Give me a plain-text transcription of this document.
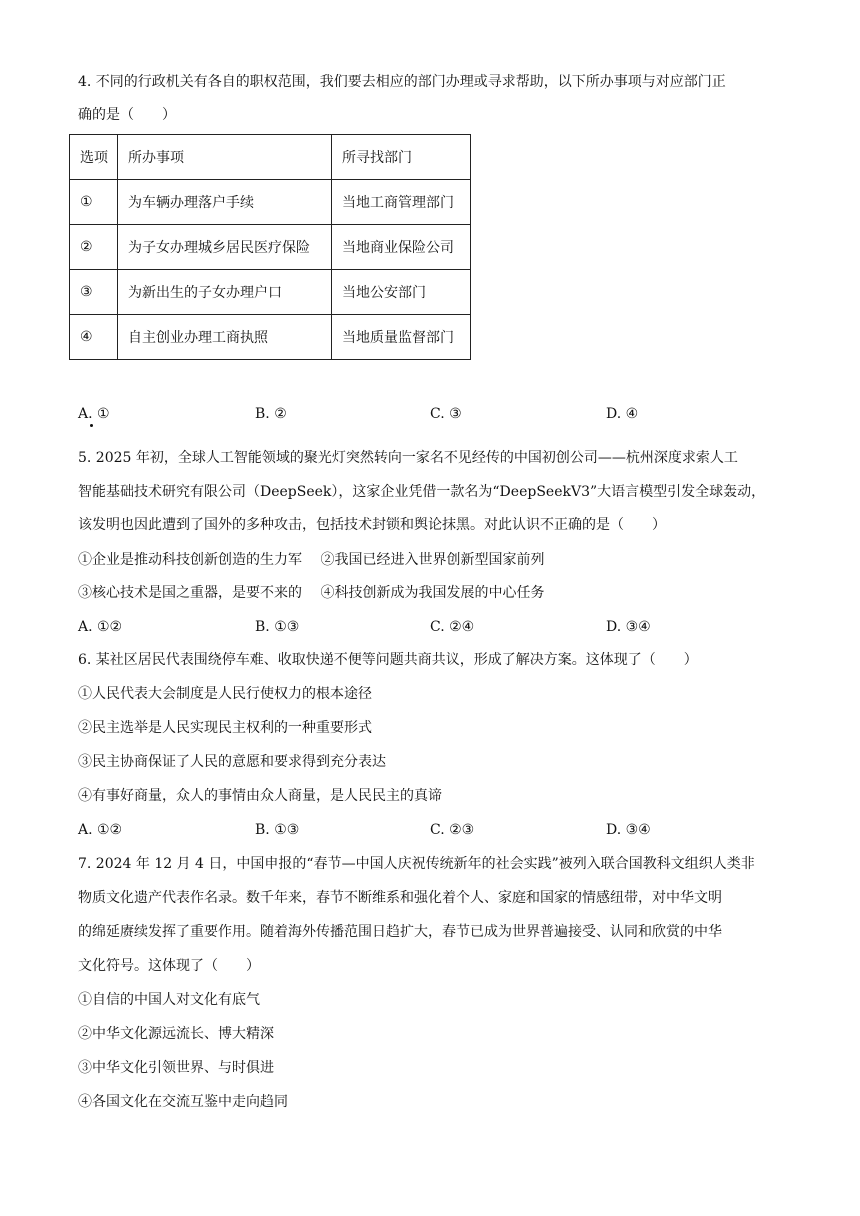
4. 不同的行政机关有各自的职权范围，我们要去相应的部门办理或寻求帮助，以下所办事项与对应部门正
确的是（　　）
选项	所办事项	所寻找部门
①	为车辆办理落户手续	当地工商管理部门
②	为子女办理城乡居民医疗保险	当地商业保险公司
③	为新出生的子女办理户口	当地公安部门
④	自主创业办理工商执照	当地质量监督部门
A. ①	B. ②	C. ③	D. ④
5. 2025 年初，全球人工智能领域的聚光灯突然转向一家名不见经传的中国初创公司——杭州深度求索人工
智能基础技术研究有限公司（DeepSeek），这家企业凭借一款名为“DeepSeekV3”大语言模型引发全球轰动，
该发明也因此遭到了国外的多种攻击，包括技术封锁和舆论抹黑。对此认识不正确的是（　　）
①企业是推动科技创新创造的生力军　 ②我国已经进入世界创新型国家前列
③核心技术是国之重器，是要不来的　 ④科技创新成为我国发展的中心任务
A. ①②	B. ①③	C. ②④	D. ③④
6. 某社区居民代表围绕停车难、收取快递不便等问题共商共议，形成了解决方案。这体现了（　　）
①人民代表大会制度是人民行使权力的根本途径
②民主选举是人民实现民主权利的一种重要形式
③民主协商保证了人民的意愿和要求得到充分表达
④有事好商量，众人的事情由众人商量，是人民民主的真谛
A. ①②	B. ①③	C. ②③	D. ③④
7. 2024 年 12 月 4 日，中国申报的“春节—中国人庆祝传统新年的社会实践”被列入联合国教科文组织人类非
物质文化遗产代表作名录。数千年来，春节不断维系和强化着个人、家庭和国家的情感纽带，对中华文明
的绵延赓续发挥了重要作用。随着海外传播范围日趋扩大，春节已成为世界普遍接受、认同和欣赏的中华
文化符号。这体现了（　　）
①自信的中国人对文化有底气
②中华文化源远流长、博大精深
③中华文化引领世界、与时俱进
④各国文化在交流互鉴中走向趋同
